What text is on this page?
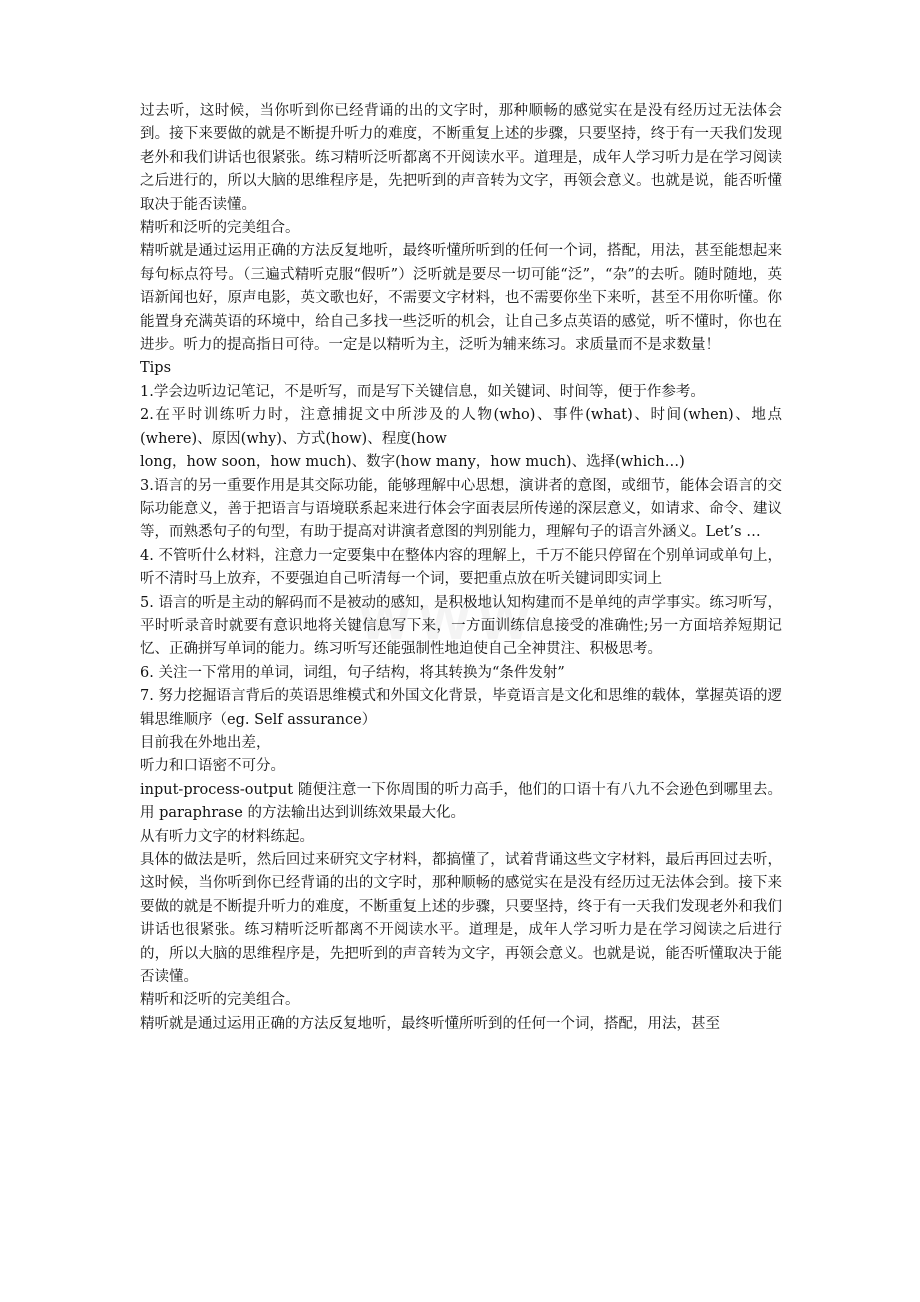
过去听，这时候，当你听到你已经背诵的出的文字时，那种顺畅的感觉实在是没有经历过无法体会到。接下来要做的就是不断提升听力的难度，不断重复上述的步骤，只要坚持，终于有一天我们发现老外和我们讲话也很紧张。练习精听泛听都离不开阅读水平。道理是，成年人学习听力是在学习阅读之后进行的，所以大脑的思维程序是，先把听到的声音转为文字，再领会意义。也就是说，能否听懂取决于能否读懂。

精听和泛听的完美组合。

精听就是通过运用正确的方法反复地听，最终听懂所听到的任何一个词，搭配，用法，甚至能想起来每句标点符号。（三遍式精听克服“假听”）泛听就是要尽一切可能“泛”，“杂”的去听。随时随地，英语新闻也好，原声电影，英文歌也好，不需要文字材料，也不需要你坐下来听，甚至不用你听懂。你能置身充满英语的环境中，给自己多找一些泛听的机会，让自己多点英语的感觉，听不懂时，你也在进步。听力的提高指日可待。一定是以精听为主，泛听为辅来练习。求质量而不是求数量！

Tips

1.学会边听边记笔记，不是听写，而是写下关键信息，如关键词、时间等，便于作参考。

2.在平时训练听力时，注意捕捉文中所涉及的人物(who)、事件(what)、时间(when)、地点(where)、原因(why)、方式(how)、程度(how

long，how soon，how much)、数字(how many，how much)、选择(which…)

3.语言的另一重要作用是其交际功能，能够理解中心思想，演讲者的意图，或细节，能体会语言的交际功能意义，善于把语言与语境联系起来进行体会字面表层所传递的深层意义，如请求、命令、建议等，而熟悉句子的句型，有助于提高对讲演者意图的判别能力，理解句子的语言外涵义。Let’s …

4. 不管听什么材料，注意力一定要集中在整体内容的理解上，千万不能只停留在个别单词或单句上，听不清时马上放弃，不要强迫自己听清每一个词，要把重点放在听关键词即实词上

5. 语言的听是主动的解码而不是被动的感知，是积极地认知构建而不是单纯的声学事实。练习听写，平时听录音时就要有意识地将关键信息写下来，一方面训练信息接受的准确性;另一方面培养短期记忆、正确拼写单词的能力。练习听写还能强制性地迫使自己全神贯注、积极思考。

6. 关注一下常用的单词，词组，句子结构，将其转换为“条件发射”

7. 努力挖掘语言背后的英语思维模式和外国文化背景，毕竟语言是文化和思维的载体，掌握英语的逻辑思维顺序（eg. Self assurance）

目前我在外地出差，

听力和口语密不可分。

input-process-output 随便注意一下你周围的听力高手，他们的口语十有八九不会逊色到哪里去。用 paraphrase 的方法输出达到训练效果最大化。

从有听力文字的材料练起。

具体的做法是听，然后回过来研究文字材料，都搞懂了，试着背诵这些文字材料，最后再回过去听，这时候，当你听到你已经背诵的出的文字时，那种顺畅的感觉实在是没有经历过无法体会到。接下来要做的就是不断提升听力的难度，不断重复上述的步骤，只要坚持，终于有一天我们发现老外和我们讲话也很紧张。练习精听泛听都离不开阅读水平。道理是，成年人学习听力是在学习阅读之后进行的，所以大脑的思维程序是，先把听到的声音转为文字，再领会意义。也就是说，能否听懂取决于能否读懂。

精听和泛听的完美组合。

精听就是通过运用正确的方法反复地听，最终听懂所听到的任何一个词，搭配，用法，甚至
